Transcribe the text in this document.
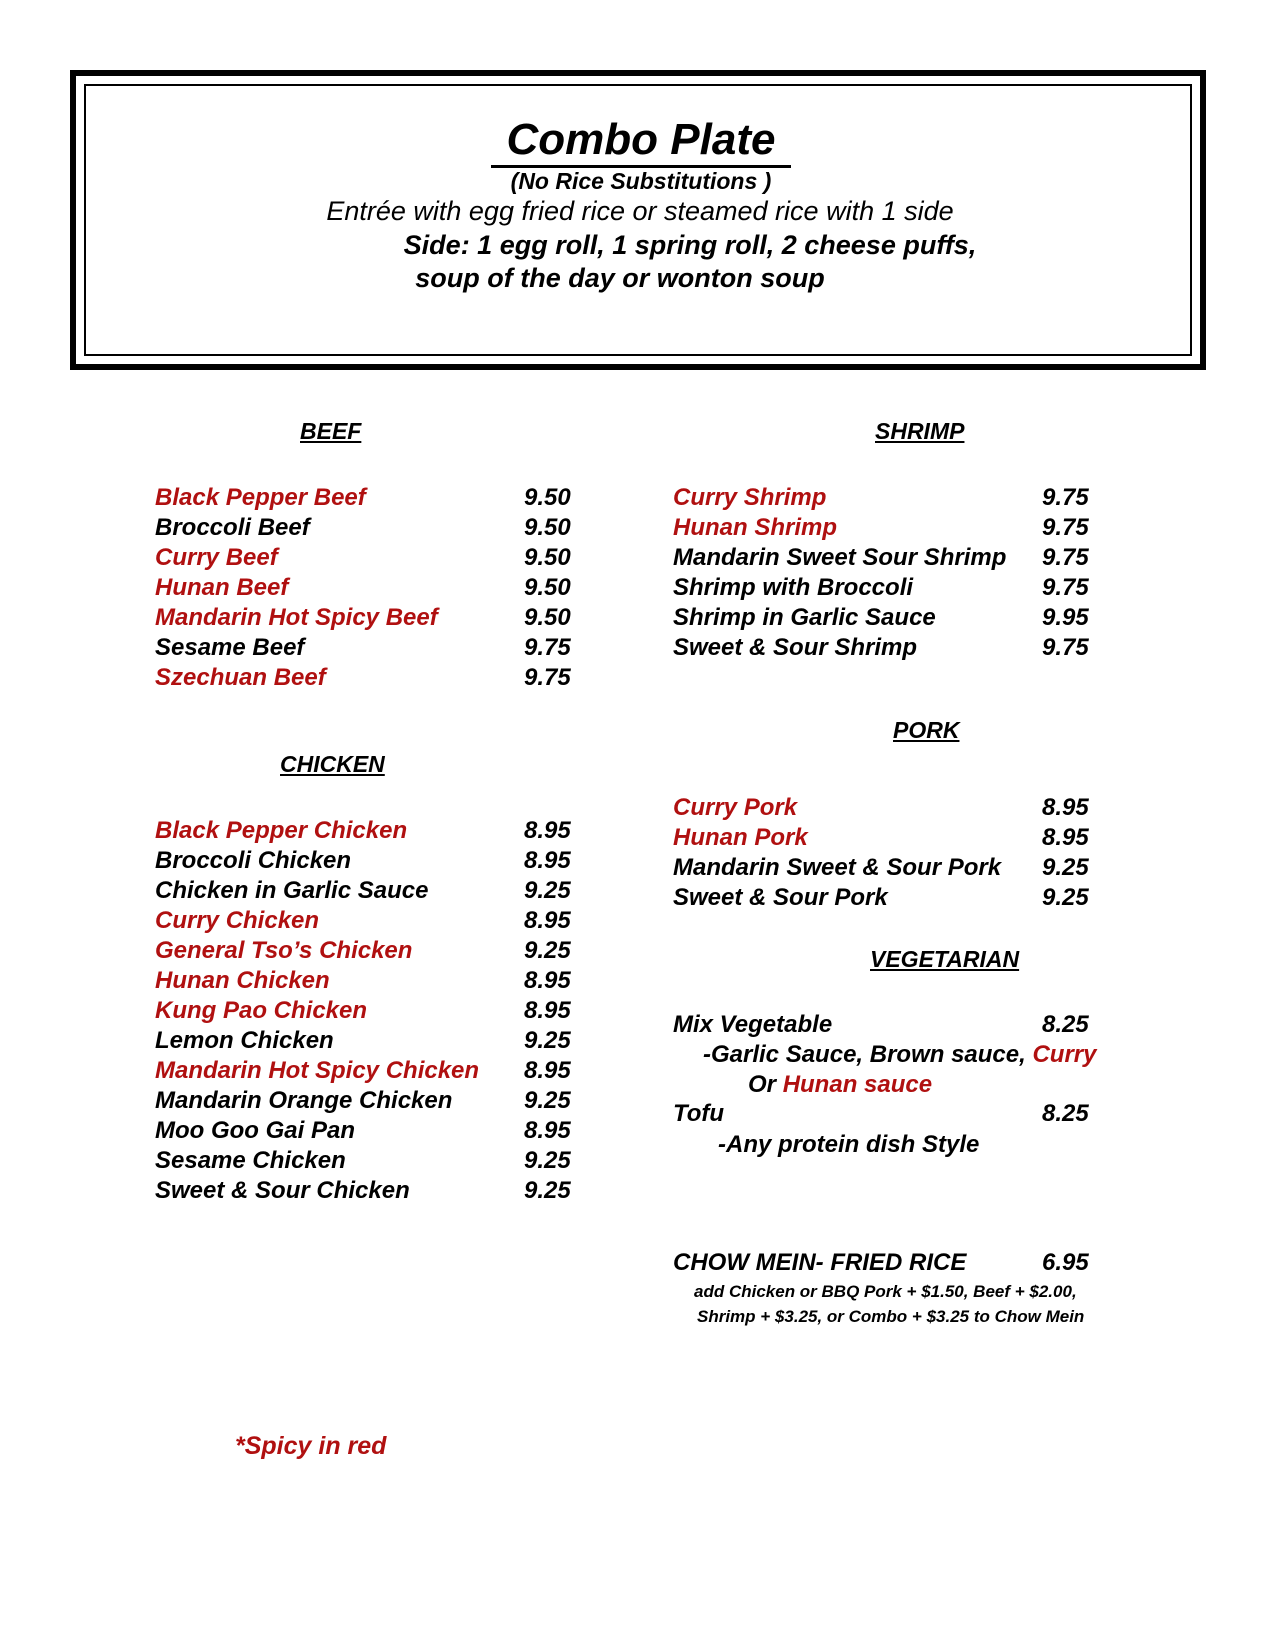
Combo Plate
(No Rice Substitutions )
Entrée with egg fried rice or steamed rice with 1 side
Side: 1 egg roll, 1 spring roll, 2 cheese puffs,
soup of the day or wonton soup
BEEF
CHICKEN
SHRIMP
PORK
VEGETARIAN
Black Pepper Beef	9.50
Broccoli Beef	9.50
Curry Beef	9.50
Hunan Beef	9.50
Mandarin Hot Spicy Beef	9.50
Sesame Beef	9.75
Szechuan Beef	9.75
Black Pepper Chicken	8.95
Broccoli Chicken	8.95
Chicken in Garlic Sauce	9.25
Curry Chicken	8.95
General Tso’s Chicken	9.25
Hunan Chicken	8.95
Kung Pao Chicken	8.95
Lemon Chicken	9.25
Mandarin Hot Spicy Chicken 8.95
Mandarin Orange Chicken	9.25
Moo Goo Gai Pan	8.95
Sesame Chicken	9.25
Sweet & Sour Chicken	9.25
Curry Shrimp	9.75
Hunan Shrimp	9.75
Mandarin Sweet Sour Shrimp 9.75
Shrimp with Broccoli	9.75
Shrimp in Garlic Sauce	9.95
Sweet & Sour Shrimp	9.75
Curry Pork	8.95
Hunan Pork	8.95
Mandarin Sweet & Sour Pork 9.25
Sweet & Sour Pork	9.25
Mix Vegetable	8.25
-Garlic Sauce, Brown sauce, Curry
Or Hunan sauce
Tofu	8.25
-Any protein dish Style
CHOW MEIN- FRIED RICE	6.95
add Chicken or BBQ Pork + $1.50, Beef + $2.00,
Shrimp + $3.25, or Combo + $3.25 to Chow Mein
*Spicy in red
